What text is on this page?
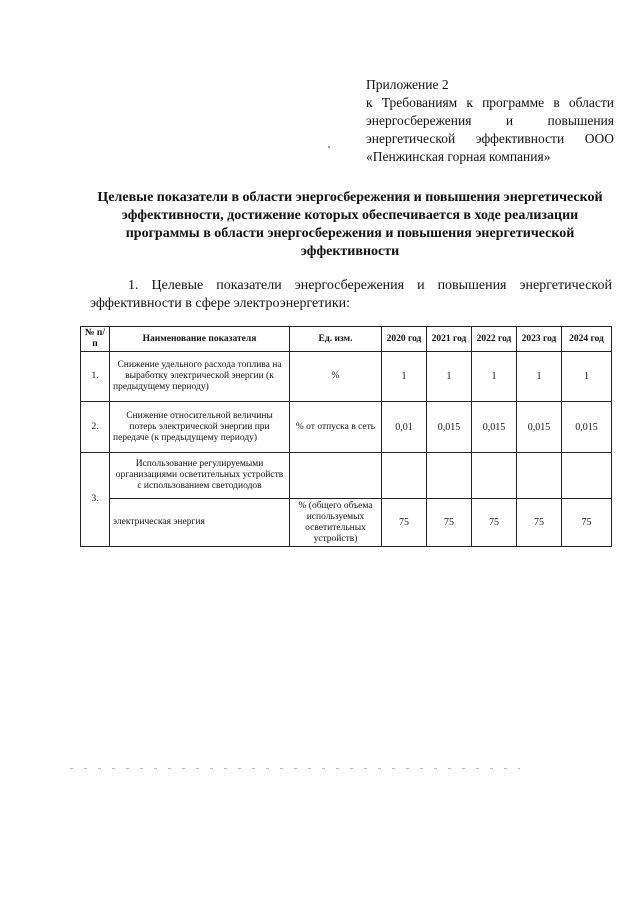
Приложение 2
к Требованиям к программе в области
энергосбережения и повышения
энергетической эффективности ООО
«Пенжинская горная компания»
Целевые показатели в области энергосбережения и повышения энергетической эффективности, достижение которых обеспечивается в ходе реализации программы в области энергосбережения и повышения энергетической эффективности
1. Целевые показатели энергосбережения и повышения энергетической эффективности в сфере электроэнергетики:
№ п/п	Наименование показателя	Ед. изм.	2020 год	2021 год	2022 год	2023 год	2024 год
1.	Снижение удельного расхода топлива на выработку электрической энергии (к предыдущему периоду)	%	1	1	1	1	1
2.	Снижение относительной величины потерь электрической энергии при передаче (к предыдущему периоду)	% от отпуска в сеть	0,01	0,015	0,015	0,015	0,015
3.	Использование регулируемыми организациями осветительных устройств с использованием светодиодов						
	электрическая энергия	% (общего объема используемых осветительных устройств)	75	75	75	75	75
